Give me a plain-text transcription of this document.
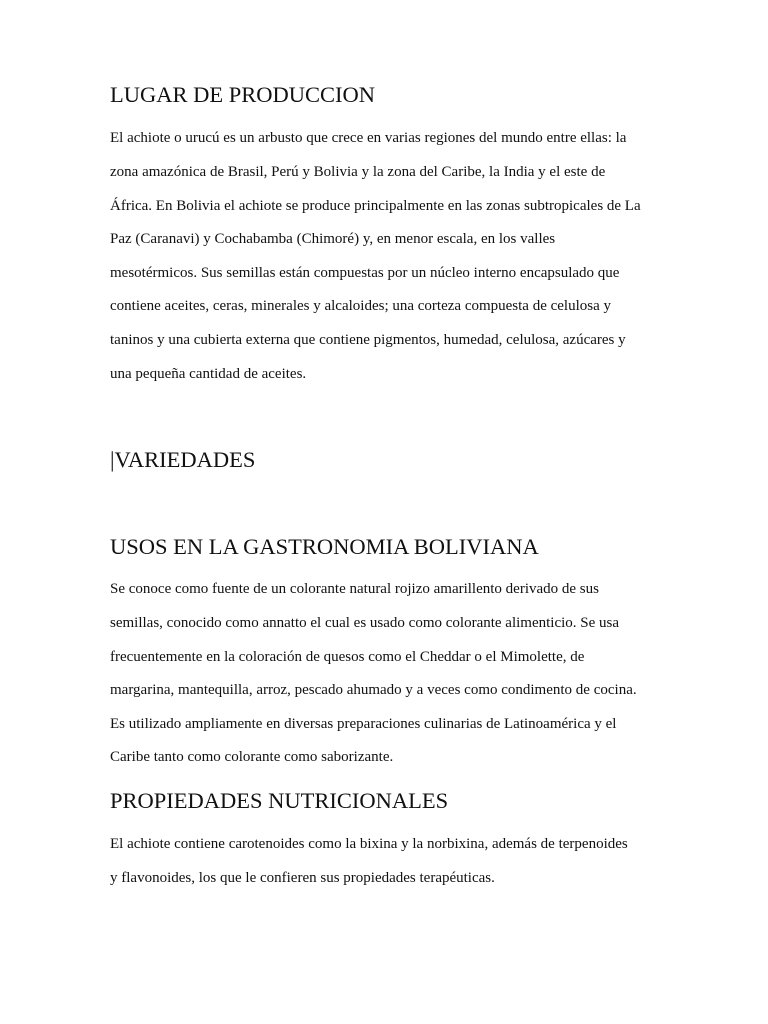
LUGAR DE PRODUCCION

El achiote o urucú es un arbusto que crece en varias regiones del mundo entre ellas: la

zona amazónica de Brasil, Perú y Bolivia y la zona del Caribe, la India y el este de

África. En Bolivia el achiote se produce principalmente en las zonas subtropicales de La

Paz (Caranavi) y Cochabamba (Chimoré) y, en menor escala, en los valles

mesotérmicos. Sus semillas están compuestas por un núcleo interno encapsulado que

contiene aceites, ceras, minerales y alcaloides; una corteza compuesta de celulosa y

taninos y una cubierta externa que contiene pigmentos, humedad, celulosa, azúcares y

una pequeña cantidad de aceites.

|VARIEDADES
USOS EN LA GASTRONOMIA BOLIVIANA

Se conoce como fuente de un colorante natural rojizo amarillento derivado de sus

semillas, conocido como annatto el cual es usado como colorante alimenticio. Se usa

frecuentemente en la coloración de quesos como el Cheddar o el Mimolette, de

margarina, mantequilla, arroz, pescado ahumado y a veces como condimento de cocina.

Es utilizado ampliamente en diversas preparaciones culinarias de Latinoamérica y el

Caribe tanto como colorante como saborizante.

PROPIEDADES NUTRICIONALES

El achiote contiene carotenoides como la bixina y la norbixina, además de terpenoides

y flavonoides, los que le confieren sus propiedades terapéuticas.
